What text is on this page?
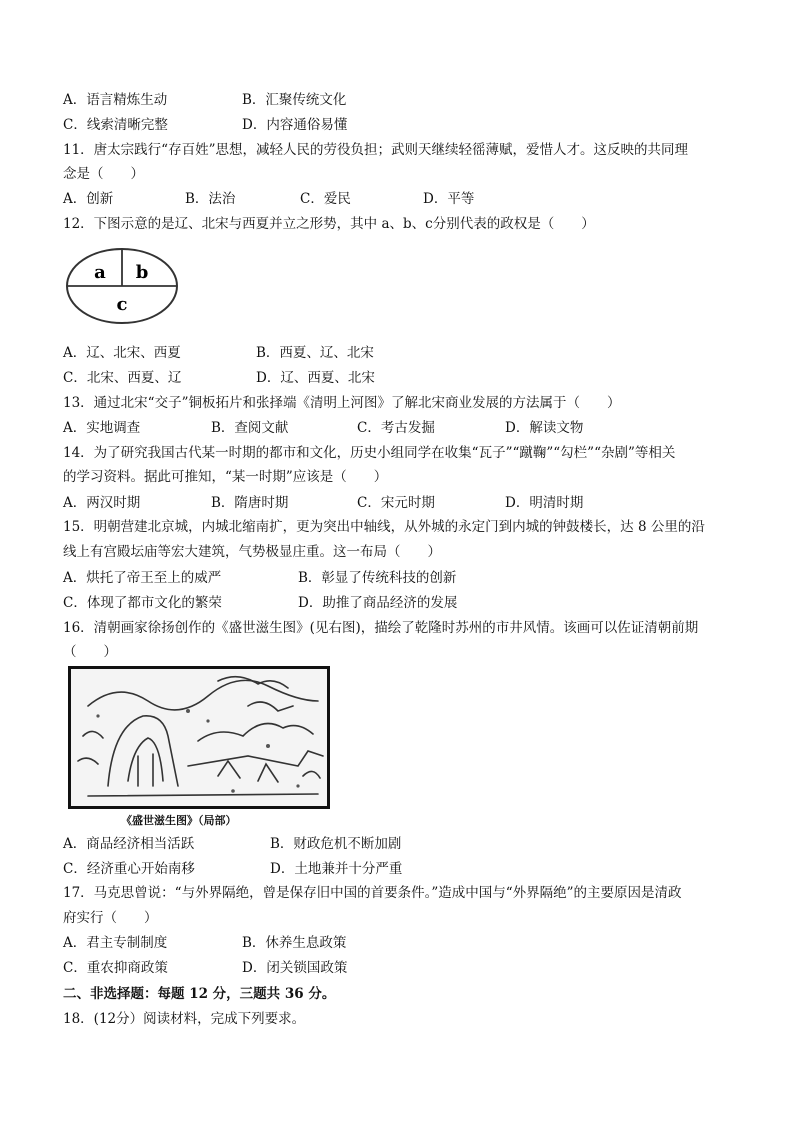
A．语言精炼生动	B．汇聚传统文化
C．线索清晰完整	D．内容通俗易懂
11．唐太宗践行“存百姓”思想，减轻人民的劳役负担；武则天继续轻徭薄赋，爱惜人才。这反映的共同理
念是（　　）
A．创新	B．法治	C．爱民	D．平等
12．下图示意的是辽、北宋与西夏并立之形势，其中 a、b、c分别代表的政权是（　　）
a b
c
A．辽、北宋、西夏	B．西夏、辽、北宋
C．北宋、西夏、辽	D．辽、西夏、北宋
13．通过北宋“交子”铜板拓片和张择端《清明上河图》了解北宋商业发展的方法属于（　　）
A．实地调查	B．查阅文献	C．考古发掘	D．解读文物
14．为了研究我国古代某一时期的都市和文化，历史小组同学在收集“瓦子”“蹴鞠”“勾栏”“杂剧”等相关
的学习资料。据此可推知，“某一时期”应该是（　　）
A．两汉时期	B．隋唐时期	C．宋元时期	D．明清时期
15．明朝营建北京城，内城北缩南扩，更为突出中轴线，从外城的永定门到内城的钟鼓楼长，达 8 公里的沿
线上有宫殿坛庙等宏大建筑，气势极显庄重。这一布局（　　）
A．烘托了帝王至上的威严	B．彰显了传统科技的创新
C．体现了都市文化的繁荣	D．助推了商品经济的发展
16．清朝画家徐扬创作的《盛世滋生图》(见右图)，描绘了乾隆时苏州的市井风情。该画可以佐证清朝前期
（　　）
《盛世滋生图》（局部）
A．商品经济相当活跃	B．财政危机不断加剧
C．经济重心开始南移	D．土地兼并十分严重
17．马克思曾说：“与外界隔绝，曾是保存旧中国的首要条件。”造成中国与“外界隔绝”的主要原因是清政
府实行（　　）
A．君主专制制度	B．休养生息政策
C．重农抑商政策	D．闭关锁国政策
二、非选择题：每题 12 分，三题共 36 分。
18．(12分）阅读材料，完成下列要求。
